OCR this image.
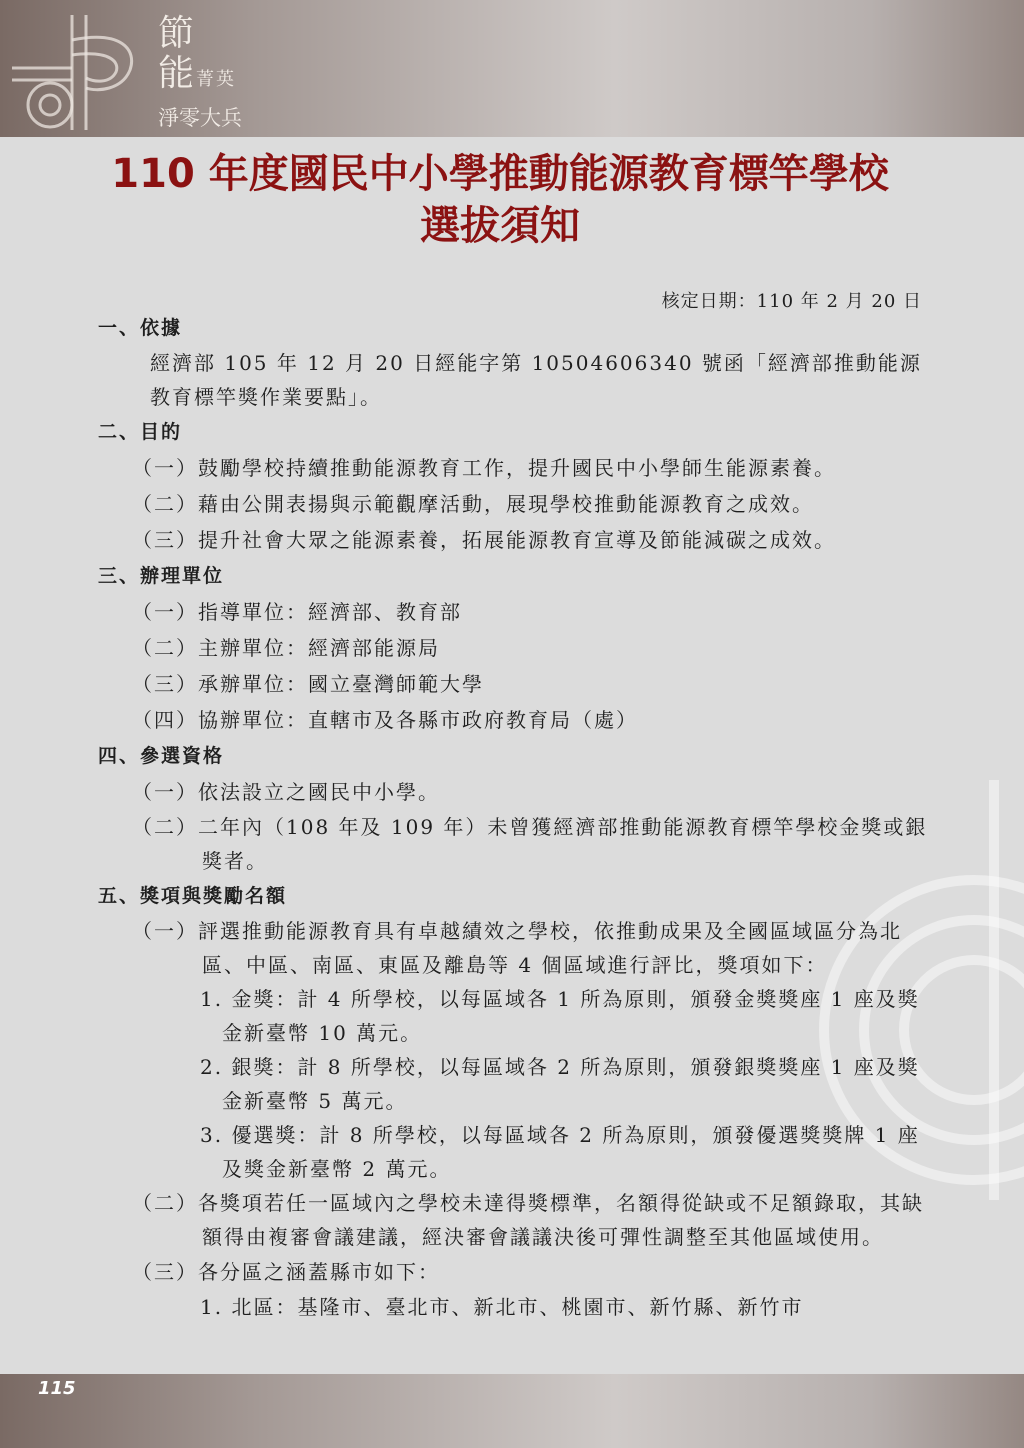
節
能菁英
淨零大兵
110 年度國民中小學推動能源教育標竿學校
選拔須知
核定日期：110 年 2 月 20 日

一、依據

經濟部 105 年 12 月 20 日經能字第 10504606340 號函「經濟部推動能源教育標竿獎作業要點」。

二、目的

（一）鼓勵學校持續推動能源教育工作，提升國民中小學師生能源素養。

（二）藉由公開表揚與示範觀摩活動，展現學校推動能源教育之成效。

（三）提升社會大眾之能源素養，拓展能源教育宣導及節能減碳之成效。

三、辦理單位

（一）指導單位：經濟部、教育部

（二）主辦單位：經濟部能源局

（三）承辦單位：國立臺灣師範大學

（四）協辦單位：直轄市及各縣市政府教育局（處）

四、參選資格

（一）依法設立之國民中小學。

（二）二年內（108 年及 109 年）未曾獲經濟部推動能源教育標竿學校金獎或銀獎者。

五、獎項與獎勵名額

（一）評選推動能源教育具有卓越績效之學校，依推動成果及全國區域區分為北區、中區、南區、東區及離島等 4 個區域進行評比，獎項如下：

1. 金獎：計 4 所學校，以每區域各 1 所為原則，頒發金獎獎座 1 座及獎金新臺幣 10 萬元。

2. 銀獎：計 8 所學校，以每區域各 2 所為原則，頒發銀獎獎座 1 座及獎金新臺幣 5 萬元。

3. 優選獎：計 8 所學校，以每區域各 2 所為原則，頒發優選獎獎牌 1 座及獎金新臺幣 2 萬元。

（二）各獎項若任一區域內之學校未達得獎標準，名額得從缺或不足額錄取，其缺額得由複審會議建議，經決審會議議決後可彈性調整至其他區域使用。

（三）各分區之涵蓋縣市如下：

1. 北區：基隆市、臺北市、新北市、桃園市、新竹縣、新竹市

115
